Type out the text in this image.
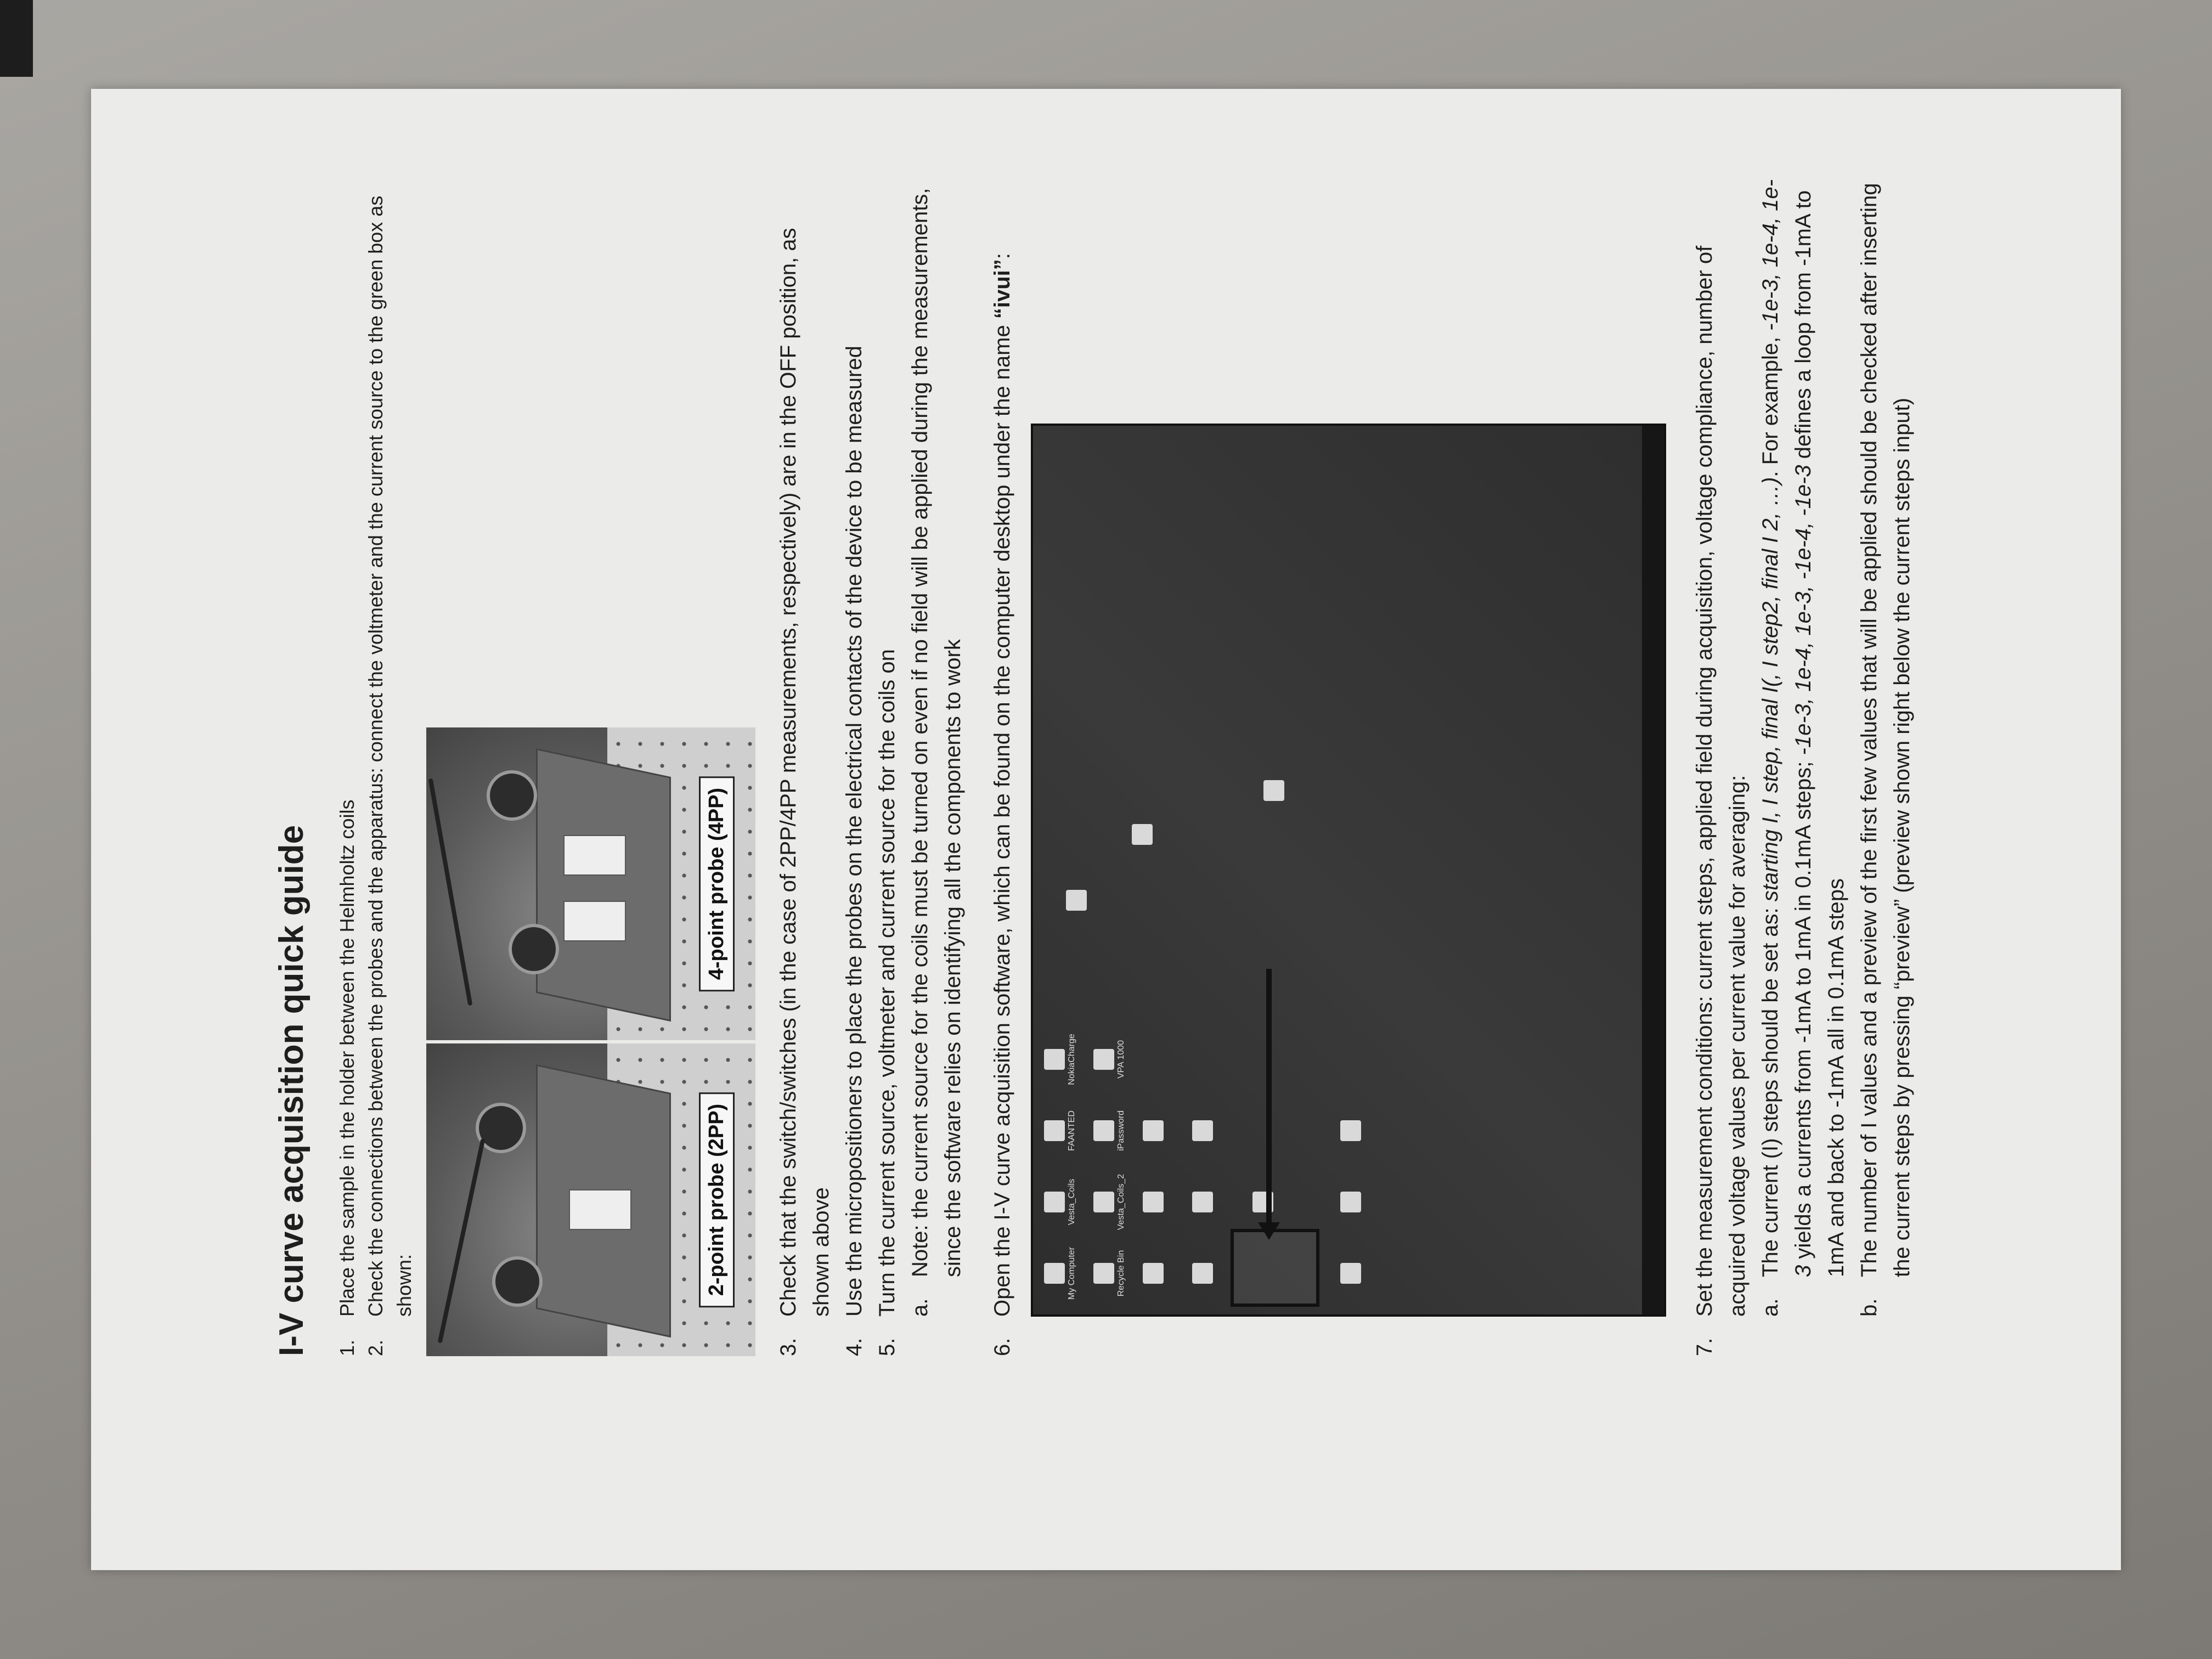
I-V curve acquisition quick guide 1.
Place the sample in the holder between the Helmholtz coils
2.
Check the connections between the probes and the apparatus: connect the voltmeter and the current source to the green box as shown:	2-point probe (2PP)
4-point probe (4PP)
3.
Check that the switch/switches (in the case of 2PP/4PP measurements, respectively) are in the OFF position, as shown above
4.
Use the micropositioners to place the probes on the electrical contacts of the device to be measured
5.
Turn the current source, voltmeter and current source for the coils on a.
Note: the current source for the coils must be turned on even if no field will be applied during the measurements, since the software relies on identifying all the components to work
6.
Open the I-V curve acquisition software, which can be found on the computer desktop under the name “ivui”:
My Computer
Vesta_Coils
FAANTED
NokiaCharge
Recycle Bin
Vesta_Coils_2
iPassword
VPA 1000
7.
Set the measurement conditions: current steps, applied field during acquisition, voltage compliance, number of acquired voltage values per current value for averaging: a.
The current (I) steps should be set as: starting I, I step, final I(, I step2, final I 2, …). For example, -1e-3, 1e-4, 1e-3 yields a currents from -1mA to 1mA in 0.1mA steps; -1e-3, 1e-4, 1e-3, -1e-4, -1e-3 defines a loop from -1mA to 1mA and back to -1mA all in 0.1mA steps
b.
The number of I values and a preview of the first few values that will be applied should be checked after inserting the current steps by pressing “preview” (preview shown right below the current steps input)
